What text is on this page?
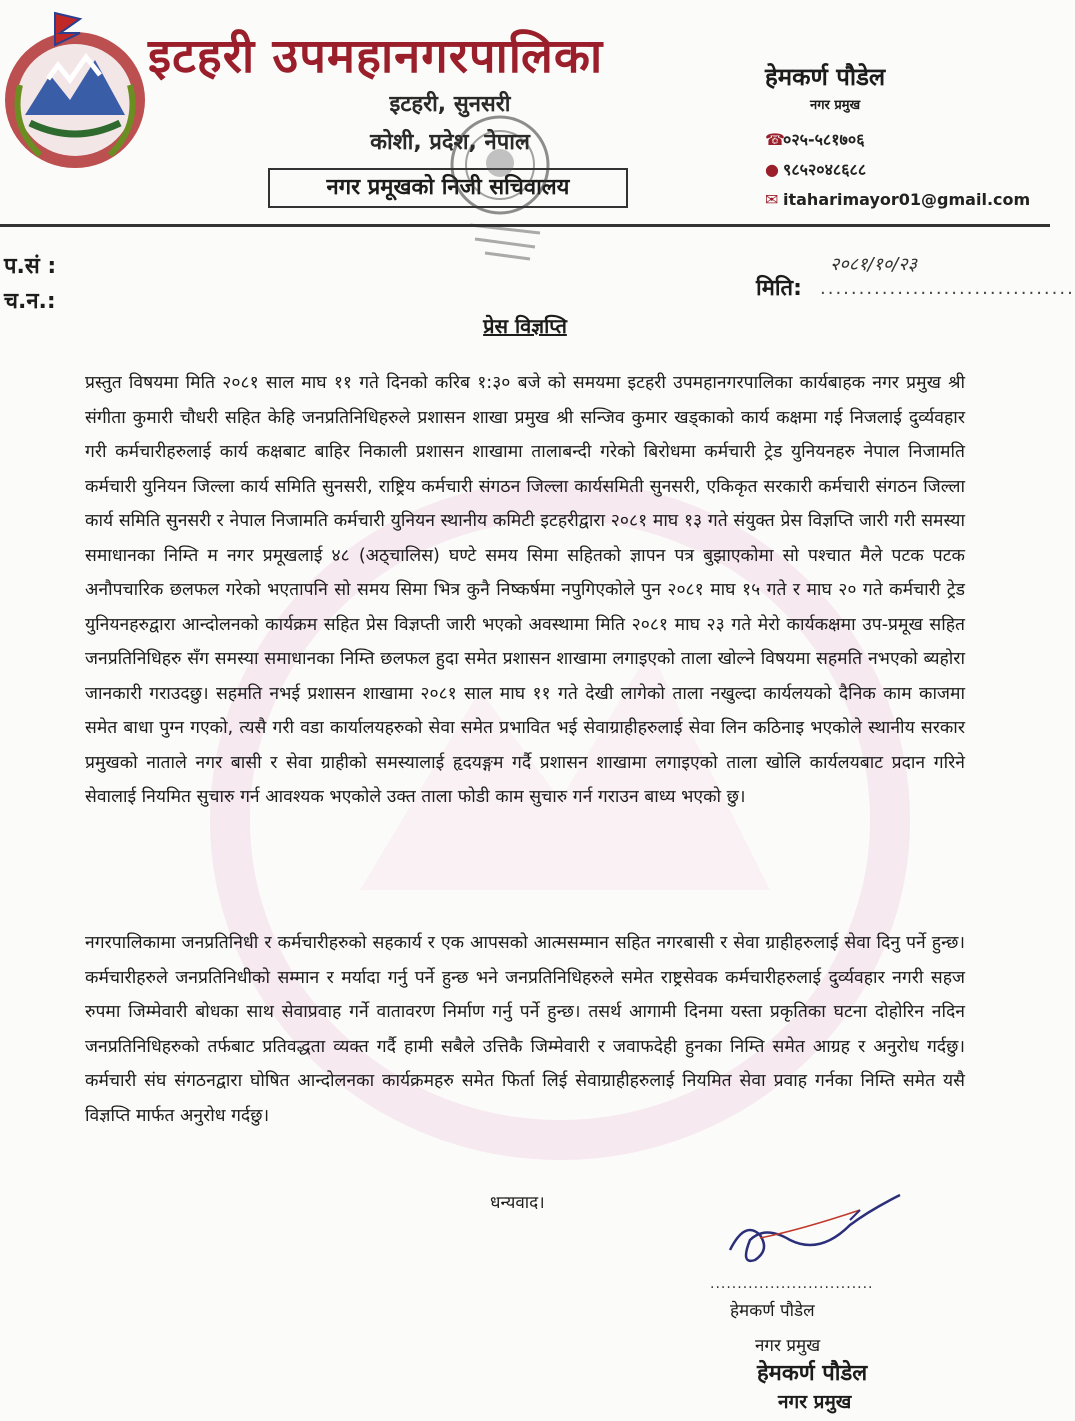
इटहरी उपमहानगरपालिका
इटहरी, सुनसरी
कोशी, प्रदेश, नेपाल
नगर प्रमूखको निजी सचिवालय
हेमकर्ण पौडेल
नगर प्रमुख
☎०२५-५८१७०६
● ९८५२०४८६८८
✉ itaharimayor01@gmail.com
प.सं :
च.न.:
२०८१/१०/२३
मिति: .................................
प्रेस विज्ञप्ति

प्रस्तुत विषयमा मिति २०८१ साल माघ ११ गते दिनको करिब १:३० बजे को समयमा इटहरी उपमहानगरपालिका कार्यबाहक नगर प्रमुख श्री संगीता कुमारी चौधरी सहित केहि जनप्रतिनिधिहरुले प्रशासन शाखा प्रमुख श्री सन्जिव कुमार खड्काको कार्य कक्षमा गई निजलाई दुर्व्यवहार गरी कर्मचारीहरुलाई कार्य कक्षबाट बाहिर निकाली प्रशासन शाखामा तालाबन्दी गरेको बिरोधमा कर्मचारी ट्रेड युनियनहरु नेपाल निजामति कर्मचारी युनियन जिल्ला कार्य समिति सुनसरी, राष्ट्रिय कर्मचारी संगठन जिल्ला कार्यसमिती सुनसरी, एकिकृत सरकारी कर्मचारी संगठन जिल्ला कार्य समिति सुनसरी र नेपाल निजामति कर्मचारी युनियन स्थानीय कमिटी इटहरीद्वारा २०८१ माघ १३ गते संयुक्त प्रेस विज्ञप्ति जारी गरी समस्या समाधानका निम्ति म नगर प्रमूखलाई ४८ (अठ्चालिस) घण्टे समय सिमा सहितको ज्ञापन पत्र बुझाएकोमा सो पश्चात मैले पटक पटक अनौपचारिक छलफल गरेको भएतापनि सो समय सिमा भित्र कुनै निष्कर्षमा नपुगिएकोले पुन २०८१ माघ १५ गते र माघ २० गते कर्मचारी ट्रेड युनियनहरुद्वारा आन्दोलनको कार्यक्रम सहित प्रेस विज्ञप्ती जारी भएको अवस्थामा मिति २०८१ माघ २३ गते मेरो कार्यकक्षमा उप-प्रमूख सहित जनप्रतिनिधिहरु सँग समस्या समाधानका निम्ति छलफल हुदा समेत प्रशासन शाखामा लगाइएको ताला खोल्ने विषयमा सहमति नभएको ब्यहोरा जानकारी गराउदछु। सहमति नभई प्रशासन शाखामा २०८१ साल माघ ११ गते देखी लागेको ताला नखुल्दा कार्यलयको दैनिक काम काजमा समेत बाधा पुग्न गएको, त्यसै गरी वडा कार्यालयहरुको सेवा समेत प्रभावित भई सेवाग्राहीहरुलाई सेवा लिन कठिनाइ भएकोले स्थानीय सरकार प्रमुखको नाताले नगर बासी र सेवा ग्राहीको समस्यालाई हृदयङ्गम गर्दै प्रशासन शाखामा लगाइएको ताला खोलि कार्यलयबाट प्रदान गरिने सेवालाई नियमित सुचारु गर्न आवश्यक भएकोले उक्त ताला फोडी काम सुचारु गर्न गराउन बाध्य भएको छु।

नगरपालिकामा जनप्रतिनिधी र कर्मचारीहरुको सहकार्य र एक आपसको आत्मसम्मान सहित नगरबासी र सेवा ग्राहीहरुलाई सेवा दिनु पर्ने हुन्छ। कर्मचारीहरुले जनप्रतिनिधीको सम्मान र मर्यादा गर्नु पर्ने हुन्छ भने जनप्रतिनिधिहरुले समेत राष्ट्रसेवक कर्मचारीहरुलाई दुर्व्यवहार नगरी सहज रुपमा जिम्मेवारी बोधका साथ सेवाप्रवाह गर्ने वातावरण निर्माण गर्नु पर्ने हुन्छ। तसर्थ आगामी दिनमा यस्ता प्रकृतिका घटना दोहोरिन नदिन जनप्रतिनिधिहरुको तर्फबाट प्रतिवद्धता व्यक्त गर्दै हामी सबैले उत्तिकै जिम्मेवारी र जवाफदेही हुनका निम्ति समेत आग्रह र अनुरोध गर्दछु। कर्मचारी संघ संगठनद्वारा घोषित आन्दोलनका कार्यक्रमहरु समेत फिर्ता लिई सेवाग्राहीहरुलाई नियमित सेवा प्रवाह गर्नका निम्ति समेत यसै विज्ञप्ति मार्फत अनुरोध गर्दछु।

धन्यवाद।
..............................
हेमकर्ण पौडेल
नगर प्रमुख
हेमकर्ण पौडेल
नगर प्रमुख
